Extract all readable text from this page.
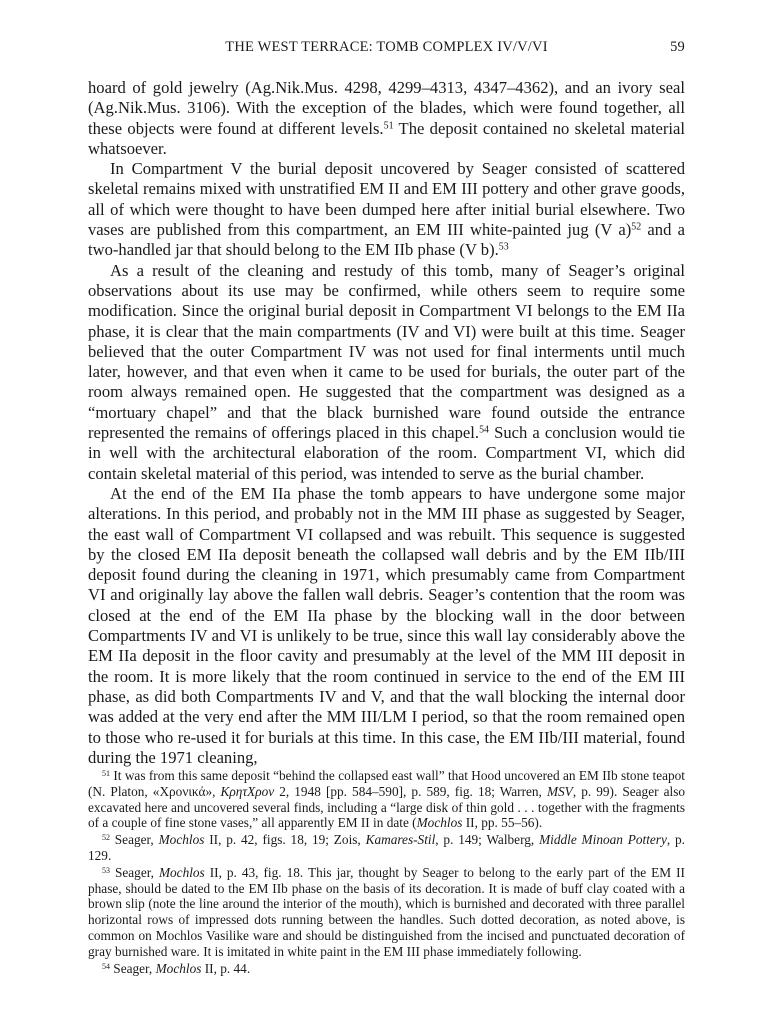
THE WEST TERRACE: TOMB COMPLEX IV/V/VI	59

hoard of gold jewelry (Ag.Nik.Mus. 4298, 4299–4313, 4347–4362), and an ivory seal (Ag.Nik.Mus. 3106). With the exception of the blades, which were found together, all these objects were found at different levels.$^{51}$ The deposit contained no skeletal material whatsoever.

In Compartment V the burial deposit uncovered by Seager consisted of scattered skeletal remains mixed with unstratified EM II and EM III pottery and other grave goods, all of which were thought to have been dumped here after initial burial elsewhere. Two vases are published from this compartment, an EM III white-painted jug (V a)$^{52}$ and a two-handled jar that should belong to the EM IIb phase (V b).$^{53}$

As a result of the cleaning and restudy of this tomb, many of Seager’s original observations about its use may be confirmed, while others seem to require some modification. Since the original burial deposit in Compartment VI belongs to the EM IIa phase, it is clear that the main compartments (IV and VI) were built at this time. Seager believed that the outer Compartment IV was not used for final interments until much later, however, and that even when it came to be used for burials, the outer part of the room always remained open. He suggested that the compartment was designed as a “mortuary chapel” and that the black burnished ware found outside the entrance represented the remains of offerings placed in this chapel.$^{54}$ Such a conclusion would tie in well with the architectural elaboration of the room. Compartment VI, which did contain skeletal material of this period, was intended to serve as the burial chamber.

At the end of the EM IIa phase the tomb appears to have undergone some major alterations. In this period, and probably not in the MM III phase as suggested by Seager, the east wall of Compartment VI collapsed and was rebuilt. This sequence is suggested by the closed EM IIa deposit beneath the collapsed wall debris and by the EM IIb/III deposit found during the cleaning in 1971, which presumably came from Compartment VI and originally lay above the fallen wall debris. Seager’s contention that the room was closed at the end of the EM IIa phase by the blocking wall in the door between Compartments IV and VI is unlikely to be true, since this wall lay considerably above the EM IIa deposit in the floor cavity and presumably at the level of the MM III deposit in the room. It is more likely that the room continued in service to the end of the EM III phase, as did both Compartments IV and V, and that the wall blocking the internal door was added at the very end after the MM III/LM I period, so that the room remained open to those who re-used it for burials at this time. In this case, the EM IIb/III material, found during the 1971 cleaning,

$^{51}$ It was from this same deposit “behind the collapsed east wall” that Hood uncovered an EM IIb stone teapot (N. Platon, «Χρονικά», ΚρητΧρον 2, 1948 [pp. 584–590], p. 589, fig. 18; Warren, MSV, p. 99). Seager also excavated here and uncovered several finds, including a “large disk of thin gold . . . together with the fragments of a couple of fine stone vases,” all apparently EM II in date (Mochlos II, pp. 55–56).

$^{52}$ Seager, Mochlos II, p. 42, figs. 18, 19; Zois, Kamares-Stil, p. 149; Walberg, Middle Minoan Pottery, p. 129.

$^{53}$ Seager, Mochlos II, p. 43, fig. 18. This jar, thought by Seager to belong to the early part of the EM II phase, should be dated to the EM IIb phase on the basis of its decoration. It is made of buff clay coated with a brown slip (note the line around the interior of the mouth), which is burnished and decorated with three parallel horizontal rows of impressed dots running between the handles. Such dotted decoration, as noted above, is common on Mochlos Vasilike ware and should be distinguished from the incised and punctuated decoration of gray burnished ware. It is imitated in white paint in the EM III phase immediately following.

$^{54}$ Seager, Mochlos II, p. 44.
